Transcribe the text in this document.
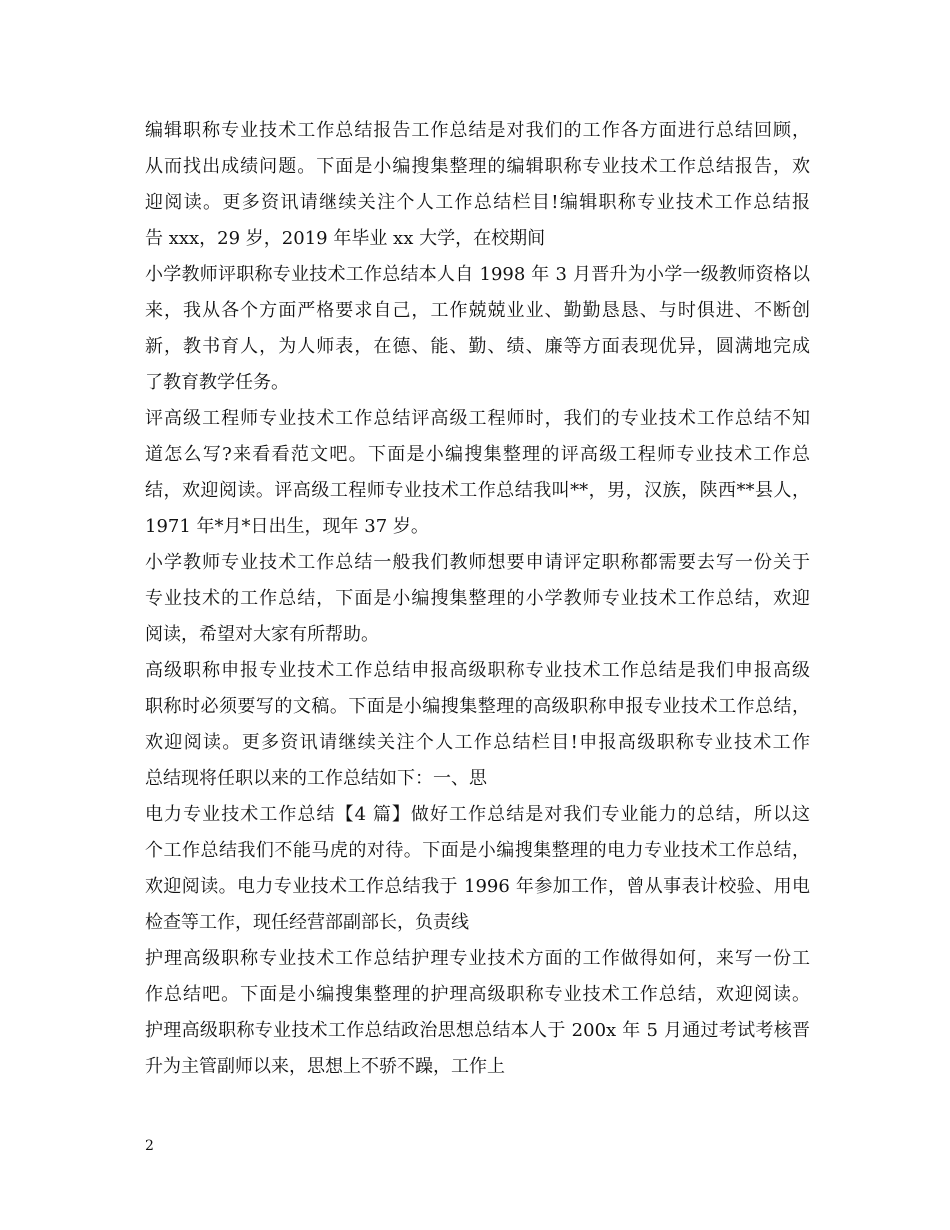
编辑职称专业技术工作总结报告工作总结是对我们的工作各方面进行总结回顾，
从而找出成绩问题。下面是小编搜集整理的编辑职称专业技术工作总结报告，欢
迎阅读。更多资讯请继续关注个人工作总结栏目!编辑职称专业技术工作总结报
告 xxx，29 岁，2019 年毕业 xx 大学，在校期间
小学教师评职称专业技术工作总结本人自 1998 年 3 月晋升为小学一级教师资格以
来，我从各个方面严格要求自己，工作兢兢业业、勤勤恳恳、与时俱进、不断创
新，教书育人，为人师表，在德、能、勤、绩、廉等方面表现优异，圆满地完成
了教育教学任务。
评高级工程师专业技术工作总结评高级工程师时，我们的专业技术工作总结不知
道怎么写?来看看范文吧。下面是小编搜集整理的评高级工程师专业技术工作总
结，欢迎阅读。评高级工程师专业技术工作总结我叫**，男，汉族，陕西**县人，
1971 年*月*日出生，现年 37 岁。
小学教师专业技术工作总结一般我们教师想要申请评定职称都需要去写一份关于
专业技术的工作总结，下面是小编搜集整理的小学教师专业技术工作总结，欢迎
阅读，希望对大家有所帮助。
高级职称申报专业技术工作总结申报高级职称专业技术工作总结是我们申报高级
职称时必须要写的文稿。下面是小编搜集整理的高级职称申报专业技术工作总结，
欢迎阅读。更多资讯请继续关注个人工作总结栏目!申报高级职称专业技术工作
总结现将任职以来的工作总结如下：一、思
电力专业技术工作总结【4 篇】做好工作总结是对我们专业能力的总结，所以这
个工作总结我们不能马虎的对待。下面是小编搜集整理的电力专业技术工作总结，
欢迎阅读。电力专业技术工作总结我于 1996 年参加工作，曾从事表计校验、用电
检查等工作，现任经营部副部长，负责线
护理高级职称专业技术工作总结护理专业技术方面的工作做得如何，来写一份工
作总结吧。下面是小编搜集整理的护理高级职称专业技术工作总结，欢迎阅读。
护理高级职称专业技术工作总结政治思想总结本人于 200x 年 5 月通过考试考核晋
升为主管副师以来，思想上不骄不躁，工作上
2
